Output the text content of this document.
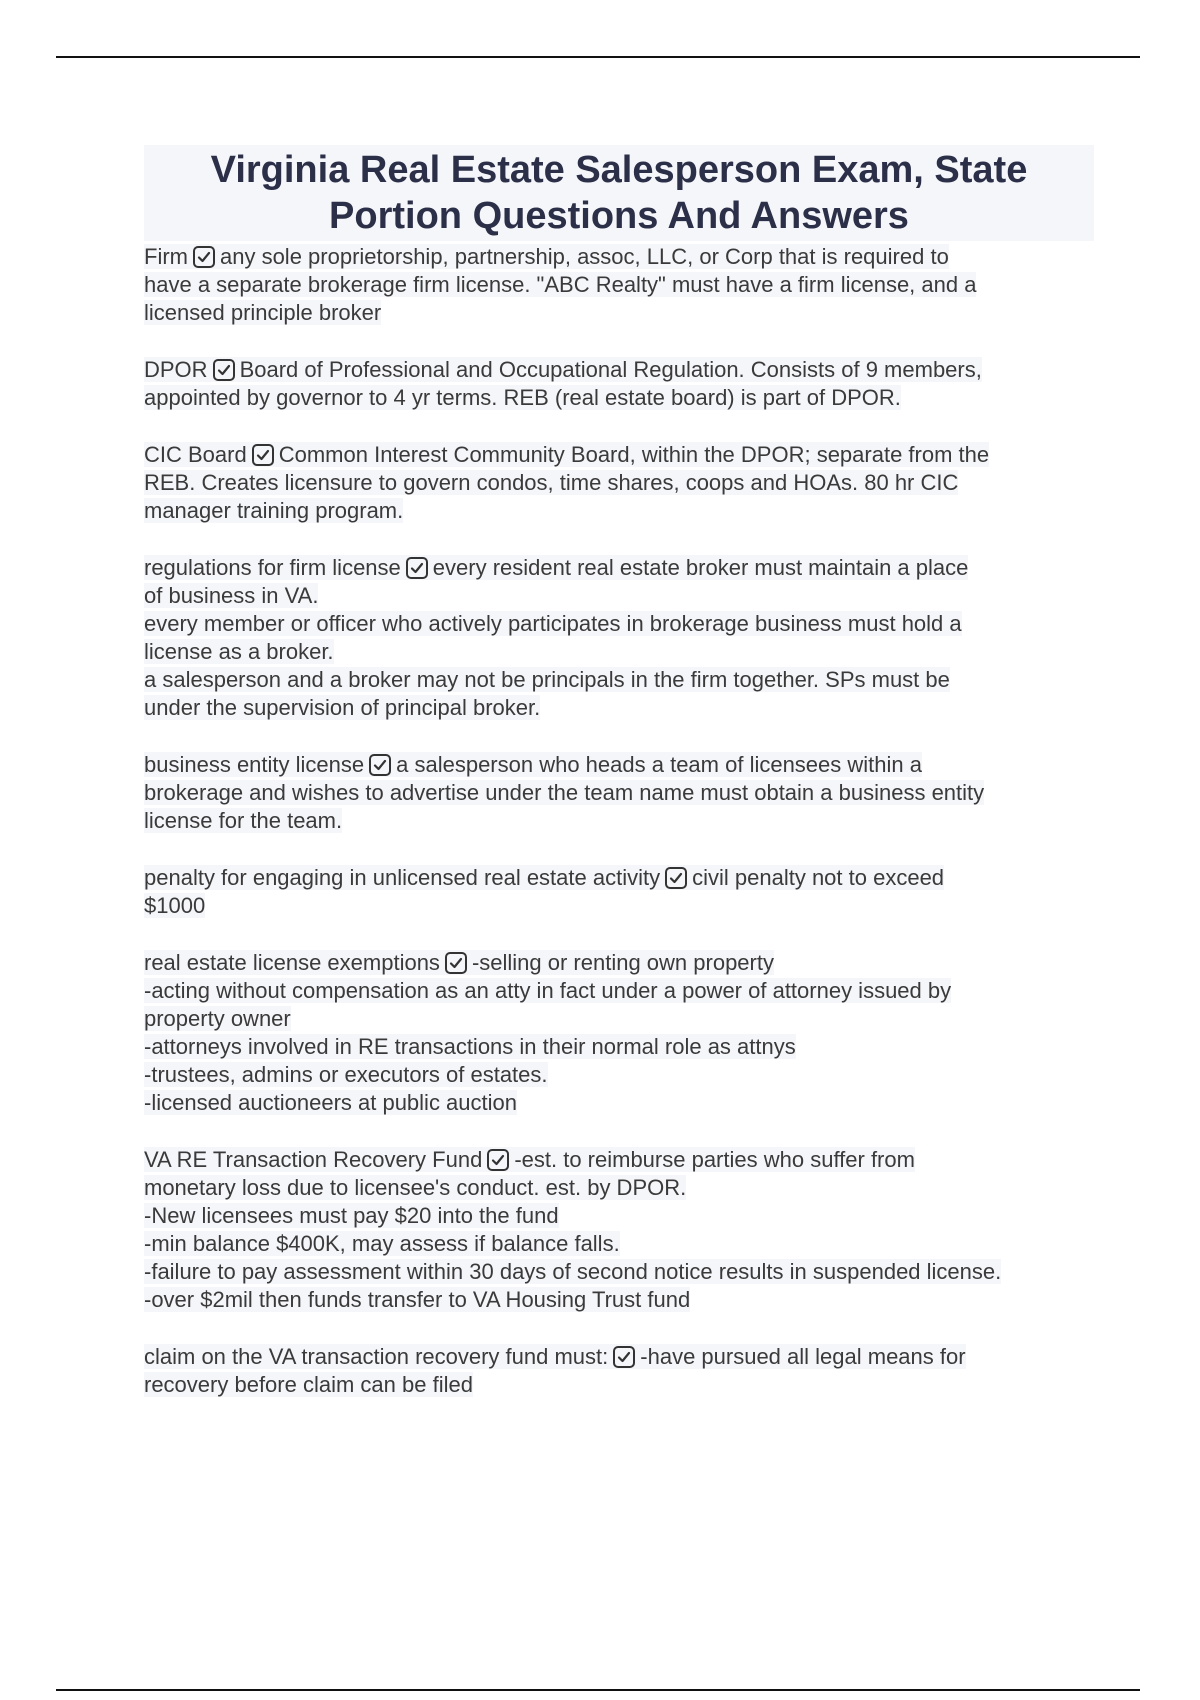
Virginia Real Estate Salesperson Exam, State
Portion Questions And Answers
Firm any sole proprietorship, partnership, assoc, LLC, or Corp that is required to
have a separate brokerage firm license. "ABC Realty" must have a firm license, and a
licensed principle broker
DPOR Board of Professional and Occupational Regulation. Consists of 9 members,
appointed by governor to 4 yr terms. REB (real estate board) is part of DPOR.
CIC Board Common Interest Community Board, within the DPOR; separate from the
REB. Creates licensure to govern condos, time shares, coops and HOAs. 80 hr CIC
manager training program.
regulations for firm license every resident real estate broker must maintain a place
of business in VA.
every member or officer who actively participates in brokerage business must hold a
license as a broker.
a salesperson and a broker may not be principals in the firm together. SPs must be
under the supervision of principal broker.
business entity license a salesperson who heads a team of licensees within a
brokerage and wishes to advertise under the team name must obtain a business entity
license for the team.
penalty for engaging in unlicensed real estate activity civil penalty not to exceed
$1000
real estate license exemptions -selling or renting own property
-acting without compensation as an atty in fact under a power of attorney issued by
property owner
-attorneys involved in RE transactions in their normal role as attnys
-trustees, admins or executors of estates.
-licensed auctioneers at public auction
VA RE Transaction Recovery Fund -est. to reimburse parties who suffer from
monetary loss due to licensee's conduct. est. by DPOR.
-New licensees must pay $20 into the fund
-min balance $400K, may assess if balance falls.
-failure to pay assessment within 30 days of second notice results in suspended license.
-over $2mil then funds transfer to VA Housing Trust fund
claim on the VA transaction recovery fund must: -have pursued all legal means for
recovery before claim can be filed
